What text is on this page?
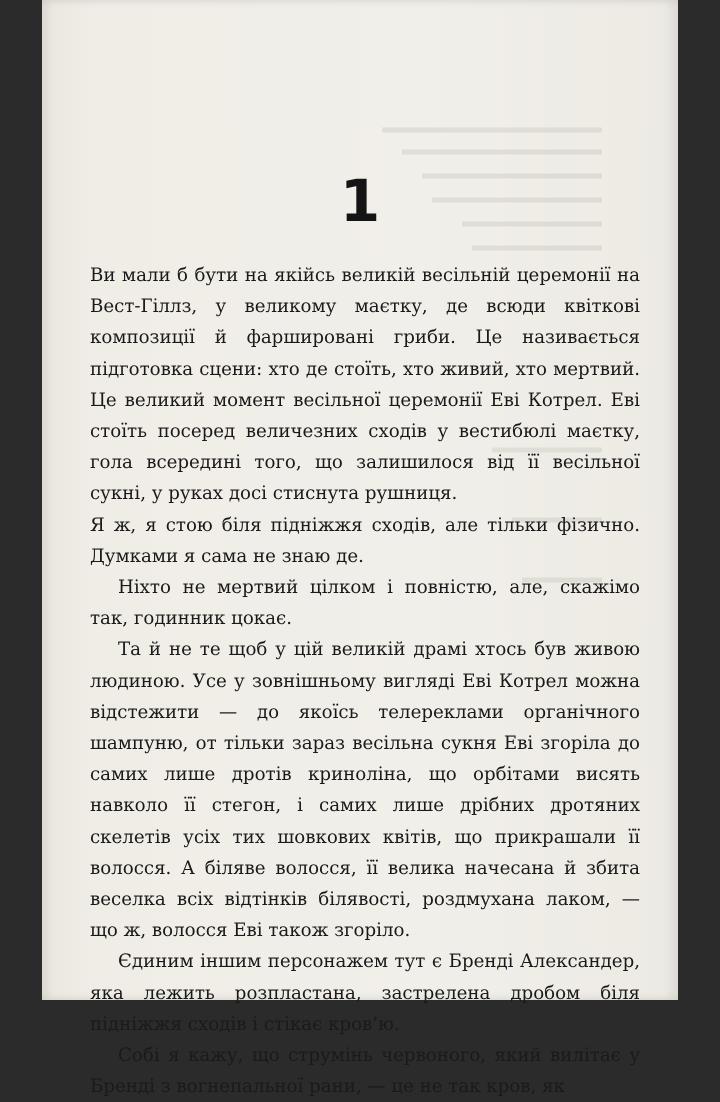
1

Ви мали б бути на якійсь великій весільній церемонії на Вест-Гіллз, у великому маєтку, де всюди квіткові композиції й фаршировані гриби. Це називається підготовка сцени: хто де стоїть, хто живий, хто мертвий. Це великий момент весільної церемонії Еві Котрел. Еві стоїть посеред величезних сходів у вестибюлі маєтку, гола всередині того, що залишилося від її весільної сукні, у руках досі стиснута рушниця.

Я ж, я стою біля підніжжя сходів, але тільки фізично. Думками я сама не знаю де.

Ніхто не мертвий цілком і повністю, але, скажімо так, годинник цокає.

Та й не те щоб у цій великій драмі хтось був живою людиною. Усе у зовнішньому вигляді Еві Котрел можна відстежити — до якоїсь телереклами органічного шампуню, от тільки зараз весільна сукня Еві згоріла до самих лише дротів криноліна, що орбітами висять навколо її стегон, і самих лише дрібних дротяних скелетів усіх тих шовкових квітів, що прикрашали її волосся. А біляве волосся, її велика начесана й збита веселка всіх відтінків білявості, роздмухана лаком, — що ж, волосся Еві також згоріло.

Єдиним іншим персонажем тут є Бренді Александер, яка лежить розпластана, застрелена дробом біля підніжжя сходів і стікає кров’ю.

Собі я кажу, що струмінь червоного, який вилітає у Бренді з вогнепальної рани, — це не так кров, як
